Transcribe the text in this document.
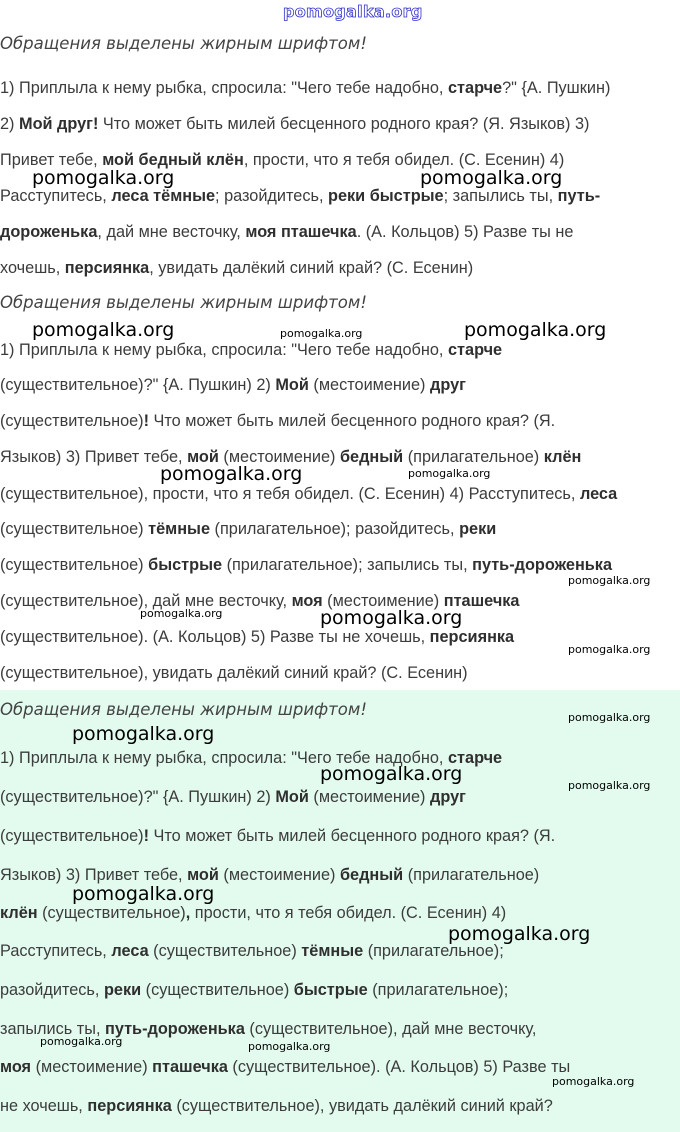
pomogalka.org
Обращения выделены жирным шрифтом!
1) Приплыла к нему рыбка, спросила: "Чего тебе надобно, старче?" {А. Пушкин)
2) Мой друг! Что может быть милей бесценного родного края? (Я. Языков) 3)
Привет тебе, мой бедный клён, прости, что я тебя обидел. (С. Есенин) 4)
Расступитесь, леса тёмные; разойдитесь, реки быстрые; запылись ты, путь-
дороженька, дай мне весточку, моя пташечка. (А. Кольцов) 5) Разве ты не
хочешь, персиянка, увидать далёкий синий край? (С. Есенин)
Обращения выделены жирным шрифтом!
1) Приплыла к нему рыбка, спросила: "Чего тебе надобно, старче
(существительное)?" {А. Пушкин) 2) Мой (местоимение) друг
(существительное)! Что может быть милей бесценного родного края? (Я.
Языков) 3) Привет тебе, мой (местоимение) бедный (прилагательное) клён
(существительное), прости, что я тебя обидел. (С. Есенин) 4) Расступитесь, леса
(существительное) тёмные (прилагательное); разойдитесь, реки
(существительное) быстрые (прилагательное); запылись ты, путь-дороженька
(существительное), дай мне весточку, моя (местоимение) пташечка
(существительное). (А. Кольцов) 5) Разве ты не хочешь, персиянка
(существительное), увидать далёкий синий край? (С. Есенин)
Обращения выделены жирным шрифтом!
1) Приплыла к нему рыбка, спросила: "Чего тебе надобно, старче
(существительное)?" {А. Пушкин) 2) Мой (местоимение) друг
(существительное)! Что может быть милей бесценного родного края? (Я.
Языков) 3) Привет тебе, мой (местоимение) бедный (прилагательное)
клён (существительное), прости, что я тебя обидел. (С. Есенин) 4)
Расступитесь, леса (существительное) тёмные (прилагательное);
разойдитесь, реки (существительное) быстрые (прилагательное);
запылись ты, путь-дороженька (существительное), дай мне весточку,
моя (местоимение) пташечка (существительное). (А. Кольцов) 5) Разве ты
не хочешь, персиянка (существительное), увидать далёкий синий край?
pomogalka.org	pomogalka.org
pomogalka.org	pomogalka.org	pomogalka.org
pomogalka.org	pomogalka.org
pomogalka.org
pomogalka.org	pomogalka.org
pomogalka.org
pomogalka.org
pomogalka.org
pomogalka.org
pomogalka.org
pomogalka.org
pomogalka.org
pomogalka.org	pomogalka.org
pomogalka.org
